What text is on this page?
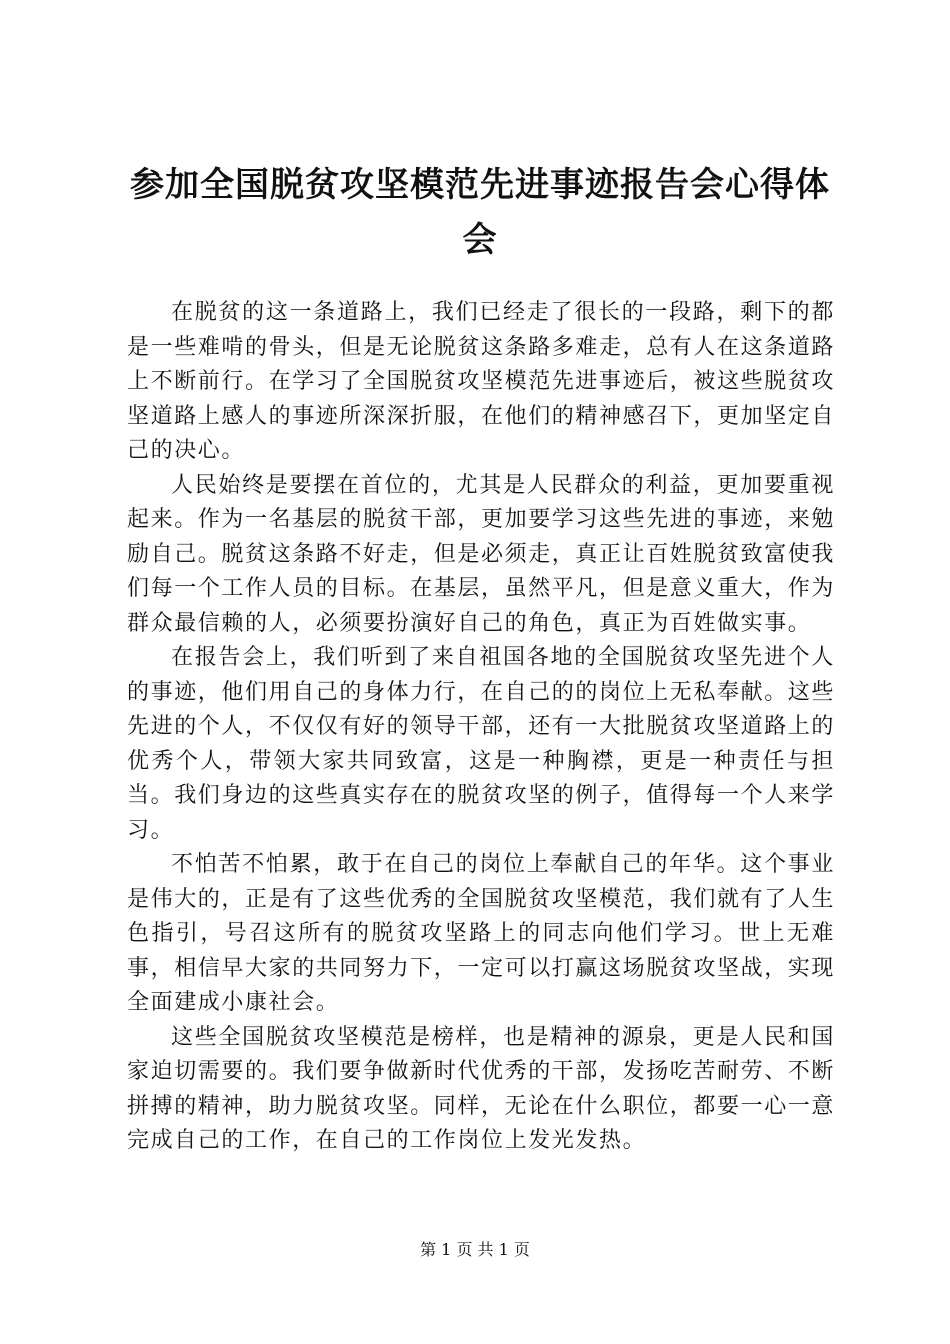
参加全国脱贫攻坚模范先进事迹报告会心得体会

在脱贫的这一条道路上，我们已经走了很长的一段路，剩下的都是一些难啃的骨头，但是无论脱贫这条路多难走，总有人在这条道路上不断前行。在学习了全国脱贫攻坚模范先进事迹后，被这些脱贫攻坚道路上感人的事迹所深深折服，在他们的精神感召下，更加坚定自己的决心。

人民始终是要摆在首位的，尤其是人民群众的利益，更加要重视起来。作为一名基层的脱贫干部，更加要学习这些先进的事迹，来勉励自己。脱贫这条路不好走，但是必须走，真正让百姓脱贫致富使我们每一个工作人员的目标。在基层，虽然平凡，但是意义重大，作为群众最信赖的人，必须要扮演好自己的角色，真正为百姓做实事。

在报告会上，我们听到了来自祖国各地的全国脱贫攻坚先进个人的事迹，他们用自己的身体力行，在自己的的岗位上无私奉献。这些先进的个人，不仅仅有好的领导干部，还有一大批脱贫攻坚道路上的优秀个人，带领大家共同致富，这是一种胸襟，更是一种责任与担当。我们身边的这些真实存在的脱贫攻坚的例子，值得每一个人来学习。

不怕苦不怕累，敢于在自己的岗位上奉献自己的年华。这个事业是伟大的，正是有了这些优秀的全国脱贫攻坚模范，我们就有了人生色指引，号召这所有的脱贫攻坚路上的同志向他们学习。世上无难事，相信早大家的共同努力下，一定可以打赢这场脱贫攻坚战，实现全面建成小康社会。

这些全国脱贫攻坚模范是榜样，也是精神的源泉，更是人民和国家迫切需要的。我们要争做新时代优秀的干部，发扬吃苦耐劳、不断拼搏的精神，助力脱贫攻坚。同样，无论在什么职位，都要一心一意完成自己的工作，在自己的工作岗位上发光发热。

第 1 页 共 1 页
